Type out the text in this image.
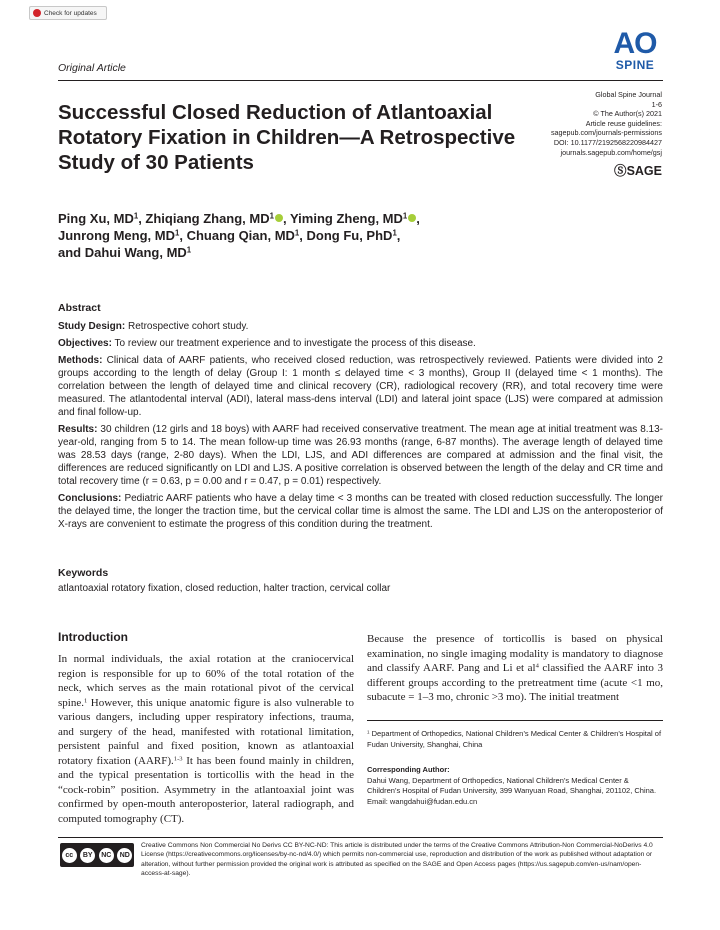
Check for updates
Original Article
AO
SPINE
Successful Closed Reduction of Atlantoaxial Rotatory Fixation in Children—A Retrospective Study of 30 Patients
Global Spine Journal
1-6
© The Author(s) 2021
Article reuse guidelines:
sagepub.com/journals-permissions
DOI: 10.1177/2192568220984427
journals.sagepub.com/home/gsj
ⓈSAGE
Ping Xu, $MD^1$, Zhiqiang Zhang, $MD^1$ , Yiming Zheng, $MD^1$ ,
Junrong Meng, $MD^1$, Chuang Qian, $MD^1$, Dong Fu, PhD$^1$,
and Dahui Wang, $MD^1$
Abstract

Study Design: Retrospective cohort study.

Objectives: To review our treatment experience and to investigate the process of this disease.

Methods: Clinical data of AARF patients, who received closed reduction, was retrospectively reviewed. Patients were divided into 2 groups according to the length of delay (Group I: 1 month ≤ delayed time < 3 months), Group II (delayed time < 1 months). The correlation between the length of delayed time and clinical recovery (CR), radiological recovery (RR), and total recovery time were measured. The atlantodental interval (ADI), lateral mass-dens interval (LDI) and lateral joint space (LJS) were compared at admission and final follow-up.

Results: 30 children (12 girls and 18 boys) with AARF had received conservative treatment. The mean age at initial treatment was 8.13-year-old, ranging from 5 to 14. The mean follow-up time was 26.93 months (range, 6-87 months). The average length of delayed time was 28.53 days (range, 2-80 days). When the LDI, LJS, and ADI differences are compared at admission and the final visit, the differences are reduced significantly on LDI and LJS. A positive correlation is observed between the length of the delay and CR time and total recovery time (r = 0.63, p = 0.00 and r = 0.47, p = 0.01) respectively.

Conclusions: Pediatric AARF patients who have a delay time < 3 months can be treated with closed reduction successfully. The longer the delayed time, the longer the traction time, but the cervical collar time is almost the same. The LDI and LJS on the anteroposterior of X-rays are convenient to estimate the progress of this condition during the treatment.

Keywords
atlantoaxial rotatory fixation, closed reduction, halter traction, cervical collar
Introduction

In normal individuals, the axial rotation at the craniocervical region is responsible for up to 60% of the total rotation of the neck, which serves as the main rotational pivot of the cervical spine.$^1$ However, this unique anatomic figure is also vulnerable to various dangers, including upper respiratory infections, trauma, and surgery of the head, manifested with rotational limitation, persistent painful and fixed position, known as atlantoaxial rotatory fixation (AARF).$^{1-3}$ It has been found mainly in children, and the typical presentation is torticollis with the head in the “cock-robin” position. Asymmetry in the atlantoaxial joint was confirmed by open-mouth anteroposterior, lateral radiograph, and computed tomography (CT).

Because the presence of torticollis is based on physical examination, no single imaging modality is mandatory to diagnose and classify AARF. Pang and Li et $al^4$ classified the AARF into 3 different groups according to the pretreatment time (acute <1 mo, subacute = 1–3 mo, chronic >3 mo). The initial treatment

$^1$ Department of Orthopedics, National Children’s Medical Center & Children’s Hospital of Fudan University, Shanghai, China
Corresponding Author:
Dahui Wang, Department of Orthopedics, National Children’s Medical Center & Children’s Hospital of Fudan University, 399 Wanyuan Road, Shanghai, 201102, China.
Email: wangdahui@fudan.edu.cn
cc	BY	NC	ND
Creative Commons Non Commercial No Derivs CC BY-NC-ND: This article is distributed under the terms of the Creative Commons Attribution-Non Commercial-NoDerivs 4.0 License (https://creativecommons.org/licenses/by-nc-nd/4.0/) which permits non-commercial use, reproduction and distribution of the work as published without adaptation or alteration, without further permission provided the original work is attributed as specified on the SAGE and Open Access pages (https://us.sagepub.com/en-us/nam/open-access-at-sage).
